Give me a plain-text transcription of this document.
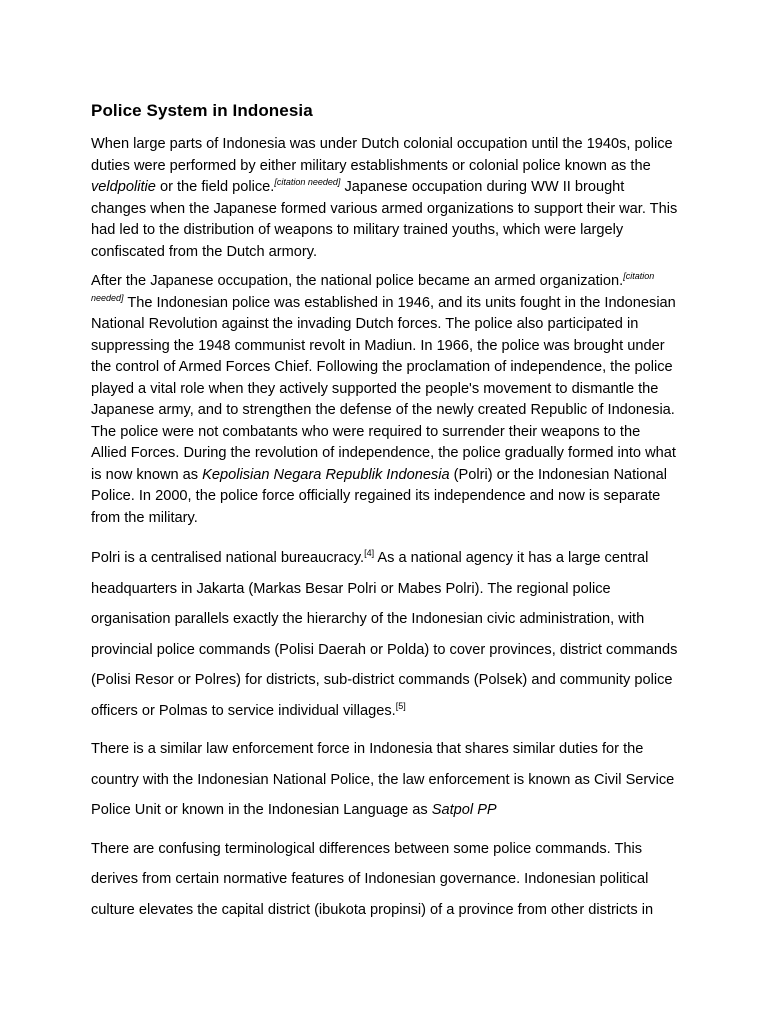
Police System in Indonesia

When large parts of Indonesia was under Dutch colonial occupation until the 1940s, police duties were performed by either military establishments or colonial police known as the veldpolitie or the field police.[citation needed] Japanese occupation during WW II brought changes when the Japanese formed various armed organizations to support their war. This had led to the distribution of weapons to military trained youths, which were largely confiscated from the Dutch armory.

After the Japanese occupation, the national police became an armed organization.[citation needed] The Indonesian police was established in 1946, and its units fought in the Indonesian National Revolution against the invading Dutch forces. The police also participated in suppressing the 1948 communist revolt in Madiun. In 1966, the police was brought under the control of Armed Forces Chief. Following the proclamation of independence, the police played a vital role when they actively supported the people's movement to dismantle the Japanese army, and to strengthen the defense of the newly created Republic of Indonesia. The police were not combatants who were required to surrender their weapons to the Allied Forces. During the revolution of independence, the police gradually formed into what is now known as Kepolisian Negara Republik Indonesia (Polri) or the Indonesian National Police. In 2000, the police force officially regained its independence and now is separate from the military.

Polri is a centralised national bureaucracy.[4] As a national agency it has a large central headquarters in Jakarta (Markas Besar Polri or Mabes Polri). The regional police organisation parallels exactly the hierarchy of the Indonesian civic administration, with provincial police commands (Polisi Daerah or Polda) to cover provinces, district commands (Polisi Resor or Polres) for districts, sub-district commands (Polsek) and community police officers or Polmas to service individual villages.[5]

There is a similar law enforcement force in Indonesia that shares similar duties for the country with the Indonesian National Police, the law enforcement is known as Civil Service Police Unit or known in the Indonesian Language as Satpol PP

There are confusing terminological differences between some police commands. This derives from certain normative features of Indonesian governance. Indonesian political culture elevates the capital district (ibukota propinsi) of a province from other districts in
